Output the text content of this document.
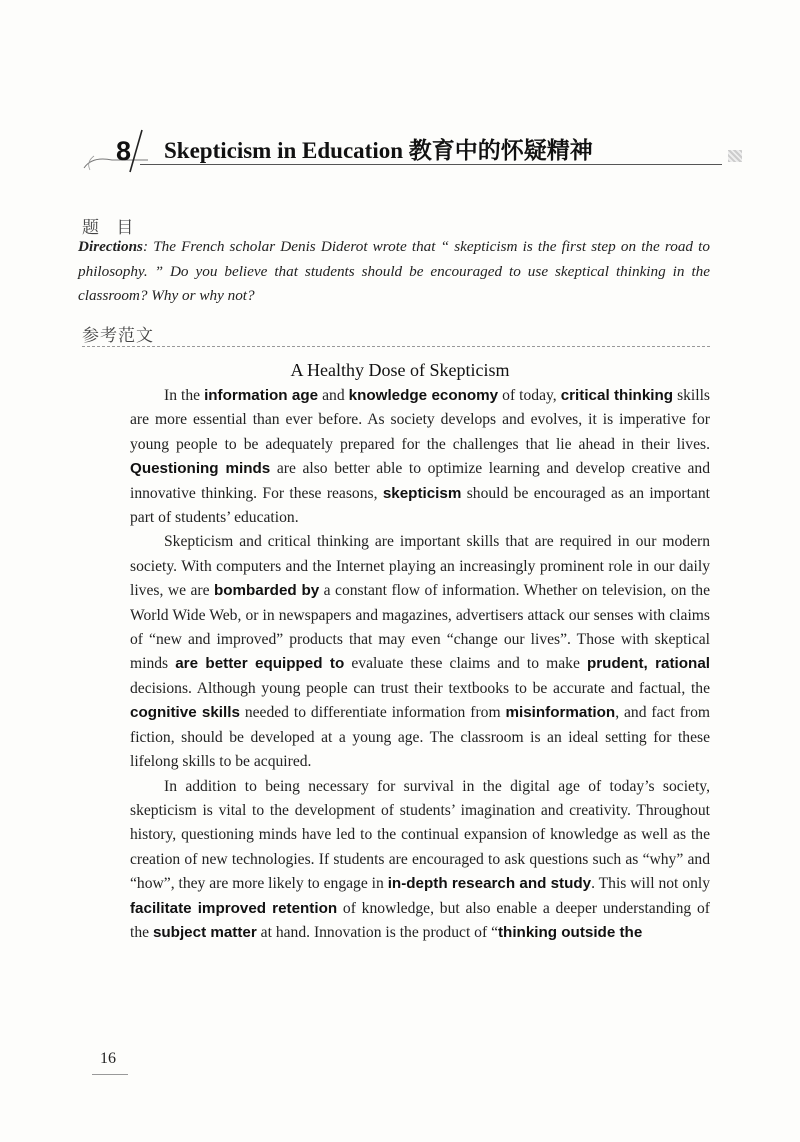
8 Skepticism in Education 教育中的怀疑精神
题 目
Directions: The French scholar Denis Diderot wrote that “ skepticism is the first step on the road to philosophy. ” Do you believe that students should be encouraged to use skeptical thinking in the classroom? Why or why not?
参考范文
A Healthy Dose of Skepticism

In the information age and knowledge economy of today, critical thinking skills are more essential than ever before. As society develops and evolves, it is imperative for young people to be adequately prepared for the challenges that lie ahead in their lives. Questioning minds are also better able to optimize learning and develop creative and innovative thinking. For these reasons, skepticism should be encouraged as an important part of students’ education.

Skepticism and critical thinking are important skills that are required in our modern society. With computers and the Internet playing an increasingly prominent role in our daily lives, we are bombarded by a constant flow of information. Whether on television, on the World Wide Web, or in newspapers and magazines, advertisers attack our senses with claims of “new and improved” products that may even “change our lives”. Those with skeptical minds are better equipped to evaluate these claims and to make prudent, rational decisions. Although young people can trust their textbooks to be accurate and factual, the cognitive skills needed to differentiate information from misinformation, and fact from fiction, should be developed at a young age. The classroom is an ideal setting for these lifelong skills to be acquired.

In addition to being necessary for survival in the digital age of today’s society, skepticism is vital to the development of students’ imagination and creativity. Throughout history, questioning minds have led to the continual expansion of knowledge as well as the creation of new technologies. If students are encouraged to ask questions such as “why” and “how”, they are more likely to engage in in-depth research and study. This will not only facilitate improved retention of knowledge, but also enable a deeper understanding of the subject matter at hand. Innovation is the product of “thinking outside the

16
